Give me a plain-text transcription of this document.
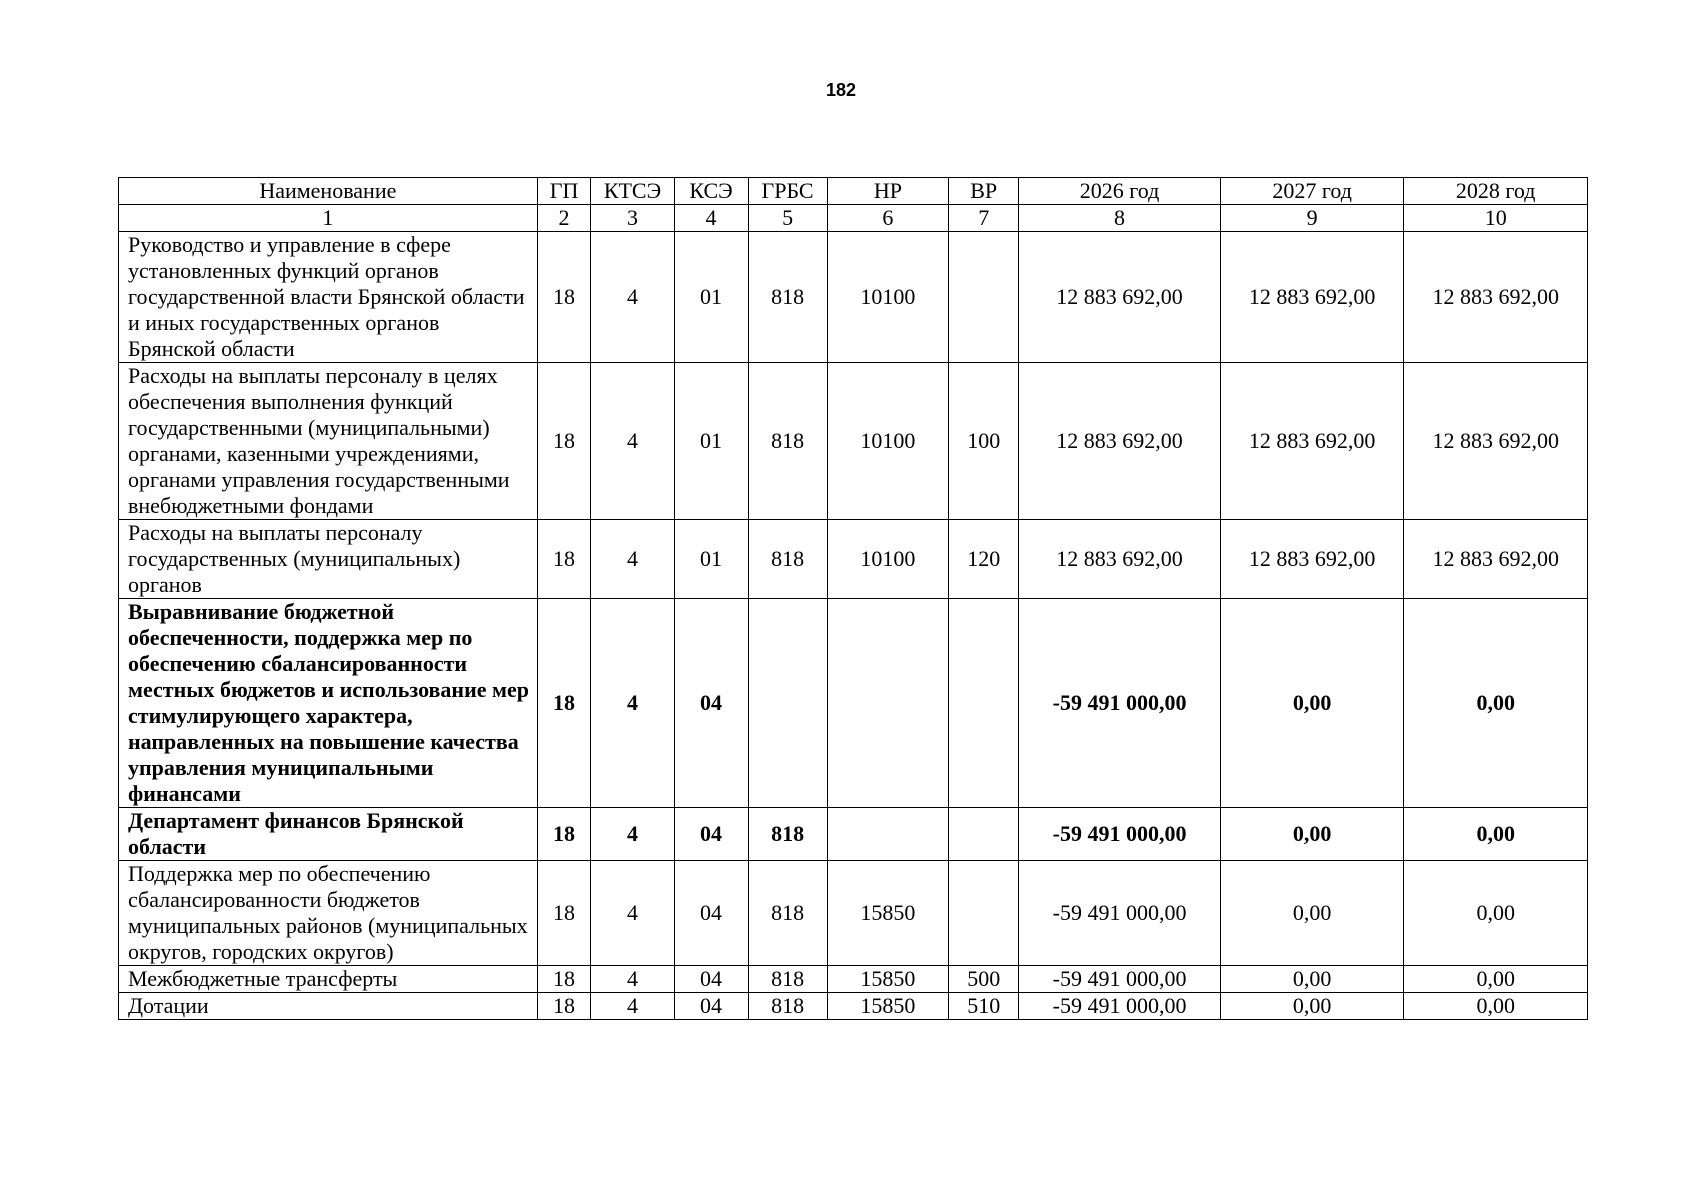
182
Наименование	ГП	КТСЭ	КСЭ	ГРБС	НР	ВР	2026 год	2027 год	2028 год
1	2	3	4	5	6	7	8	9	10
Руководство и управление в сфере установленных функций органов государственной власти Брянской области и иных государственных органов Брянской области	18	4	01	818	10100		12 883 692,00	12 883 692,00	12 883 692,00
Расходы на выплаты персоналу в целях обеспечения выполнения функций государственными (муниципальными) органами, казенными учреждениями, органами управления государственными внебюджетными фондами	18	4	01	818	10100	100	12 883 692,00	12 883 692,00	12 883 692,00
Расходы на выплаты персоналу государственных (муниципальных) органов	18	4	01	818	10100	120	12 883 692,00	12 883 692,00	12 883 692,00
Выравнивание бюджетной обеспеченности, поддержка мер по обеспечению сбалансированности местных бюджетов и использование мер стимулирующего характера, направленных на повышение качества управления муниципальными финансами	18	4	04				-59 491 000,00	0,00	0,00
Департамент финансов Брянской области	18	4	04	818			-59 491 000,00	0,00	0,00
Поддержка мер по обеспечению сбалансированности бюджетов муниципальных районов (муниципальных округов, городских округов)	18	4	04	818	15850		-59 491 000,00	0,00	0,00
Межбюджетные трансферты	18	4	04	818	15850	500	-59 491 000,00	0,00	0,00
Дотации	18	4	04	818	15850	510	-59 491 000,00	0,00	0,00
